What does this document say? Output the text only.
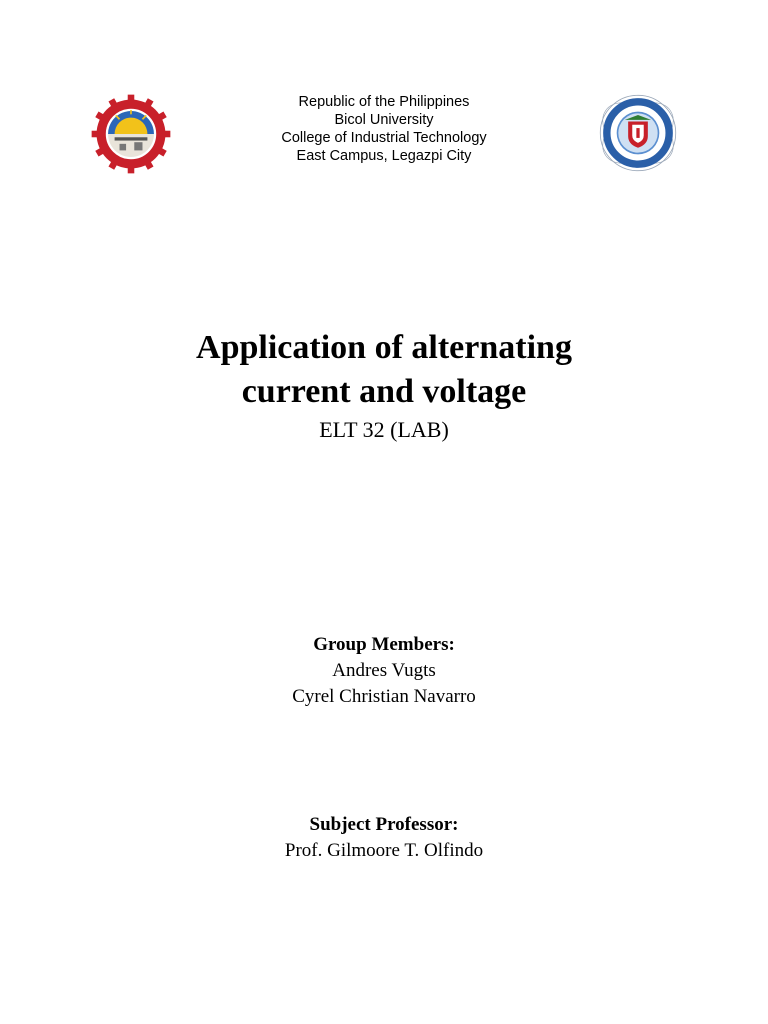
Republic of the Philippines
Bicol University
College of Industrial Technology
East Campus, Legazpi City
Application of alternating
current and voltage
ELT 32 (LAB)
Group Members:
Andres Vugts
Cyrel Christian Navarro
Subject Professor:
Prof. Gilmoore T. Olfindo
